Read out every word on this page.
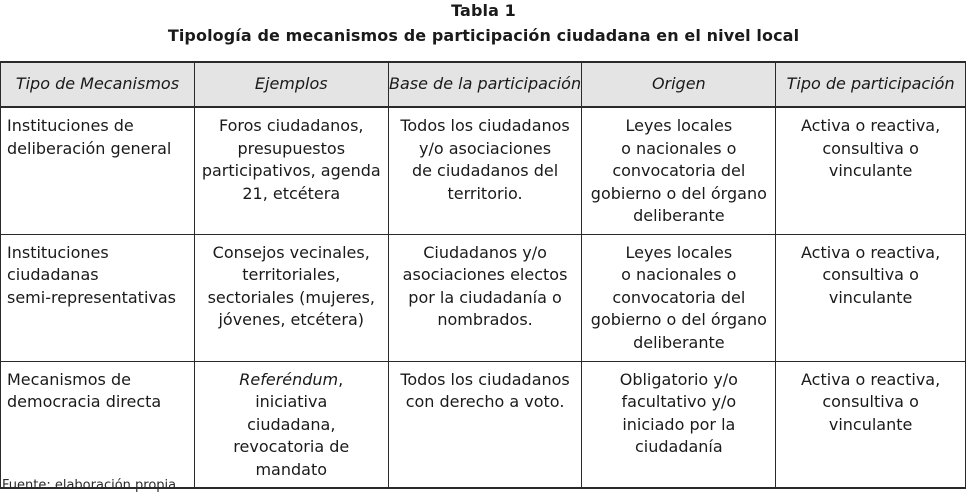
Tabla 1
Tipología de mecanismos de participación ciudadana en el nivel local
Tipo de Mecanismos	Ejemplos	Base de la participación	Origen	Tipo de participación

Instituciones de
deliberación general	Foros ciudadanos,
presupuestos
participativos, agenda
21, etcétera	Todos los ciudadanos
y/o asociaciones
de ciudadanos del
territorio.	Leyes locales
o nacionales o
convocatoria del
gobierno o del órgano
deliberante	Activa o reactiva,
consultiva o
vinculante

Instituciones
ciudadanas
semi-representativas	Consejos vecinales,
territoriales,
sectoriales (mujeres,
jóvenes, etcétera)	Ciudadanos y/o
asociaciones electos
por la ciudadanía o
nombrados.	Leyes locales
o nacionales o
convocatoria del
gobierno o del órgano
deliberante	Activa o reactiva,
consultiva o
vinculante

Mecanismos de
democracia directa	Referéndum, iniciativa
ciudadana,
revocatoria de
mandato	Todos los ciudadanos
con derecho a voto.	Obligatorio y/o
facultativo y/o
iniciado por la
ciudadanía	Activa o reactiva,
consultiva o
vinculante
Fuente: elaboración propia
